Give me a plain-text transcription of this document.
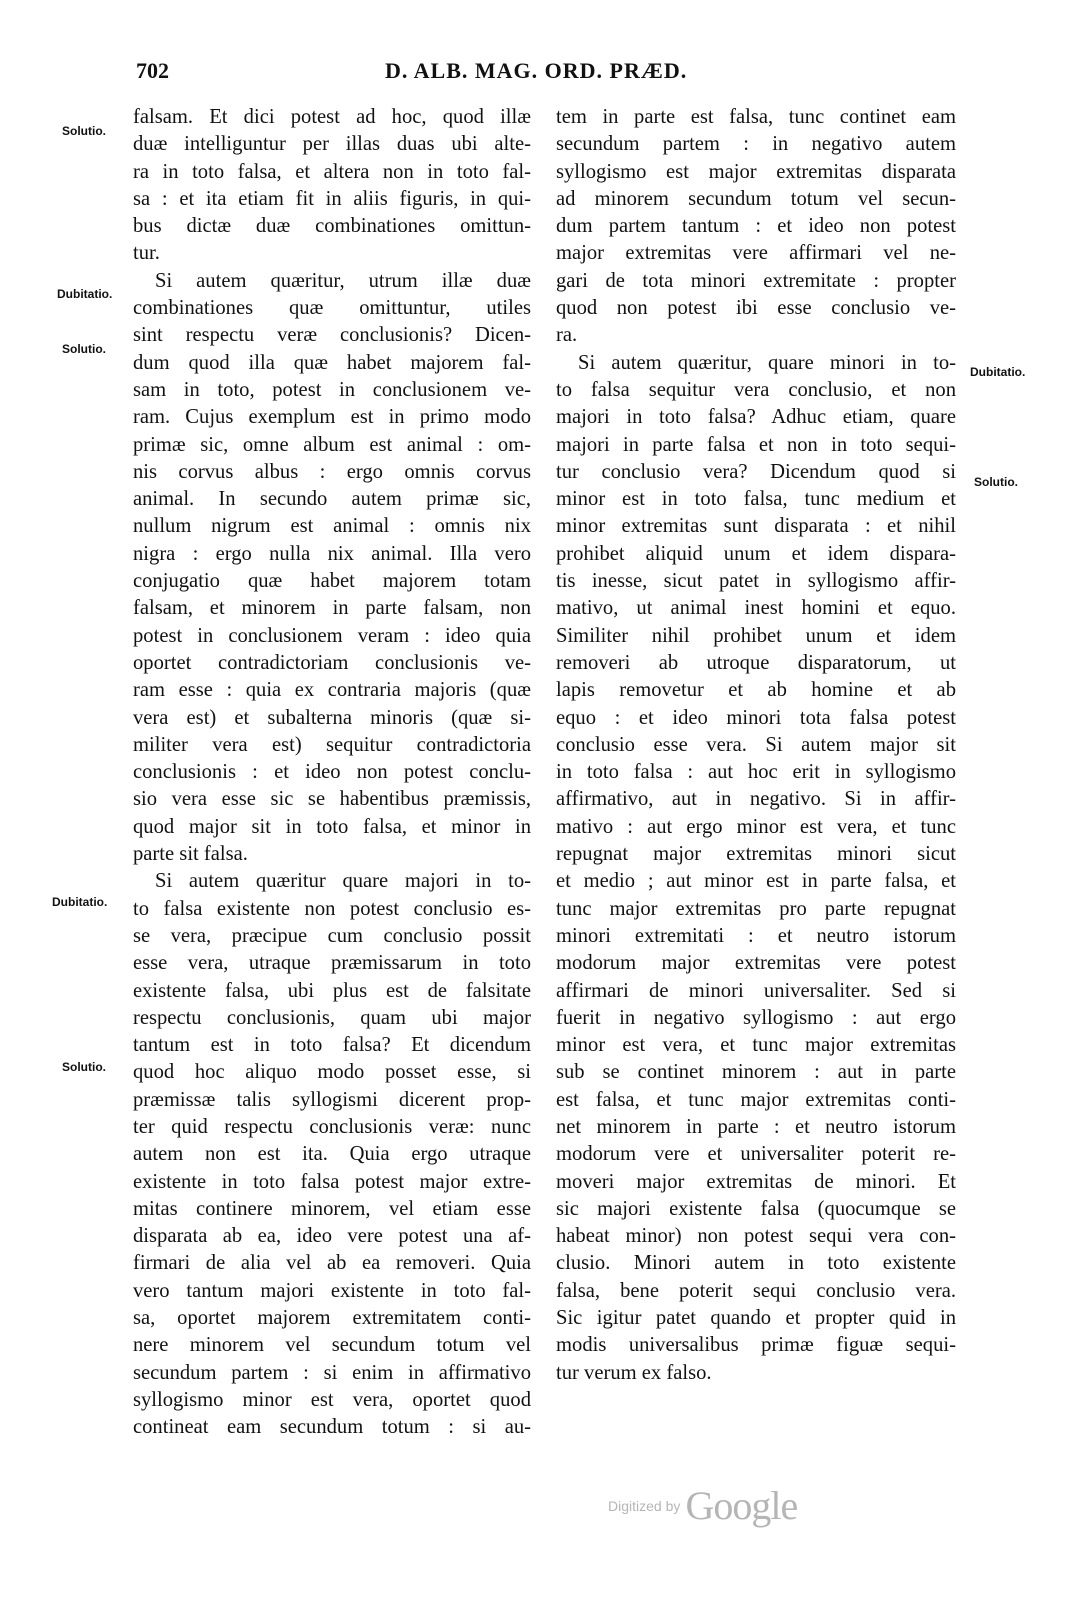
702	D. ALB. MAG. ORD. PRÆD.
Solutio.
Dubitatio.
Solutio.
Dubitatio.
Solutio.
Dubitatio.
Solutio.
falsam. Et dici potest ad hoc, quod illæ
duæ intelliguntur per illas duas ubi alte-
ra in toto falsa, et altera non in toto fal-
sa : et ita etiam fit in aliis figuris, in qui-
bus dictæ duæ combinationes omittun-
tur.
Si autem quæritur, utrum illæ duæ
combinationes quæ omittuntur, utiles
sint respectu veræ conclusionis? Dicen-
dum quod illa quæ habet majorem fal-
sam in toto, potest in conclusionem ve-
ram. Cujus exemplum est in primo modo
primæ sic, omne album est animal : om-
nis corvus albus : ergo omnis corvus
animal. In secundo autem primæ sic,
nullum nigrum est animal : omnis nix
nigra : ergo nulla nix animal. Illa vero
conjugatio quæ habet majorem totam
falsam, et minorem in parte falsam, non
potest in conclusionem veram : ideo quia
oportet contradictoriam conclusionis ve-
ram esse : quia ex contraria majoris (quæ
vera est) et subalterna minoris (quæ si-
militer vera est) sequitur contradictoria
conclusionis : et ideo non potest conclu-
sio vera esse sic se habentibus præmissis,
quod major sit in toto falsa, et minor in
parte sit falsa.
Si autem quæritur quare majori in to-
to falsa existente non potest conclusio es-
se vera, præcipue cum conclusio possit
esse vera, utraque præmissarum in toto
existente falsa, ubi plus est de falsitate
respectu conclusionis, quam ubi major
tantum est in toto falsa? Et dicendum
quod hoc aliquo modo posset esse, si
præmissæ talis syllogismi dicerent prop-
ter quid respectu conclusionis veræ: nunc
autem non est ita. Quia ergo utraque
existente in toto falsa potest major extre-
mitas continere minorem, vel etiam esse
disparata ab ea, ideo vere potest una af-
firmari de alia vel ab ea removeri. Quia
vero tantum majori existente in toto fal-
sa, oportet majorem extremitatem conti-
nere minorem vel secundum totum vel
secundum partem : si enim in affirmativo
syllogismo minor est vera, oportet quod
contineat eam secundum totum : si au-
tem in parte est falsa, tunc continet eam
secundum partem : in negativo autem
syllogismo est major extremitas disparata
ad minorem secundum totum vel secun-
dum partem tantum : et ideo non potest
major extremitas vere affirmari vel ne-
gari de tota minori extremitate : propter
quod non potest ibi esse conclusio ve-
ra.
Si autem quæritur, quare minori in to-
to falsa sequitur vera conclusio, et non
majori in toto falsa? Adhuc etiam, quare
majori in parte falsa et non in toto sequi-
tur conclusio vera? Dicendum quod si
minor est in toto falsa, tunc medium et
minor extremitas sunt disparata : et nihil
prohibet aliquid unum et idem dispara-
tis inesse, sicut patet in syllogismo affir-
mativo, ut animal inest homini et equo.
Similiter nihil prohibet unum et idem
removeri ab utroque disparatorum, ut
lapis removetur et ab homine et ab
equo : et ideo minori tota falsa potest
conclusio esse vera. Si autem major sit
in toto falsa : aut hoc erit in syllogismo
affirmativo, aut in negativo. Si in affir-
mativo : aut ergo minor est vera, et tunc
repugnat major extremitas minori sicut
et medio ; aut minor est in parte falsa, et
tunc major extremitas pro parte repugnat
minori extremitati : et neutro istorum
modorum major extremitas vere potest
affirmari de minori universaliter. Sed si
fuerit in negativo syllogismo : aut ergo
minor est vera, et tunc major extremitas
sub se continet minorem : aut in parte
est falsa, et tunc major extremitas conti-
net minorem in parte : et neutro istorum
modorum vere et universaliter poterit re-
moveri major extremitas de minori. Et
sic majori existente falsa (quocumque se
habeat minor) non potest sequi vera con-
clusio. Minori autem in toto existente
falsa, bene poterit sequi conclusio vera.
Sic igitur patet quando et propter quid in
modis universalibus primæ figuæ sequi-
tur verum ex falso.
Digitized by Google
